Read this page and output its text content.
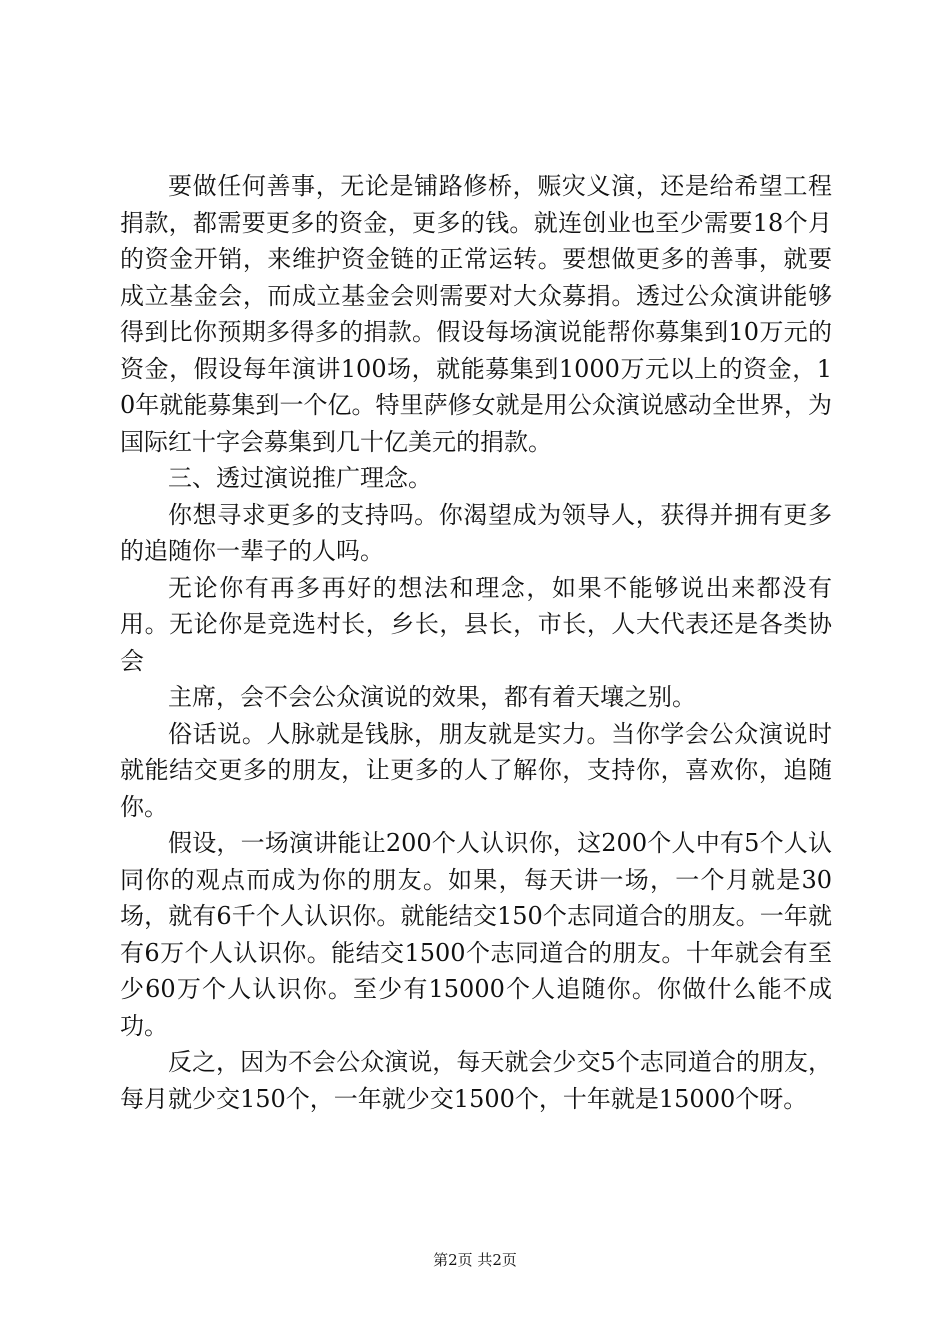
要做任何善事，无论是铺路修桥，赈灾义演，还是给希望工程捐款，都需要更多的资金，更多的钱。就连创业也至少需要18个月的资金开销，来维护资金链的正常运转。要想做更多的善事，就要成立基金会，而成立基金会则需要对大众募捐。透过公众演讲能够得到比你预期多得多的捐款。假设每场演说能帮你募集到10万元的资金，假设每年演讲100场，就能募集到1000万元以上的资金，10年就能募集到一个亿。特里萨修女就是用公众演说感动全世界，为国际红十字会募集到几十亿美元的捐款。

三、透过演说推广理念。

你想寻求更多的支持吗。你渴望成为领导人，获得并拥有更多的追随你一辈子的人吗。

无论你有再多再好的想法和理念，如果不能够说出来都没有用。无论你是竞选村长，乡长，县长，市长，人大代表还是各类协会

主席，会不会公众演说的效果，都有着天壤之别。

俗话说。人脉就是钱脉，朋友就是实力。当你学会公众演说时就能结交更多的朋友，让更多的人了解你，支持你，喜欢你，追随你。

假设，一场演讲能让200个人认识你，这200个人中有5个人认同你的观点而成为你的朋友。如果，每天讲一场，一个月就是30场，就有6千个人认识你。就能结交150个志同道合的朋友。一年就有6万个人认识你。能结交1500个志同道合的朋友。十年就会有至少60万个人认识你。至少有15000个人追随你。你做什么能不成功。

反之，因为不会公众演说，每天就会少交5个志同道合的朋友，每月就少交150个，一年就少交1500个，十年就是15000个呀。

第2页 共2页
